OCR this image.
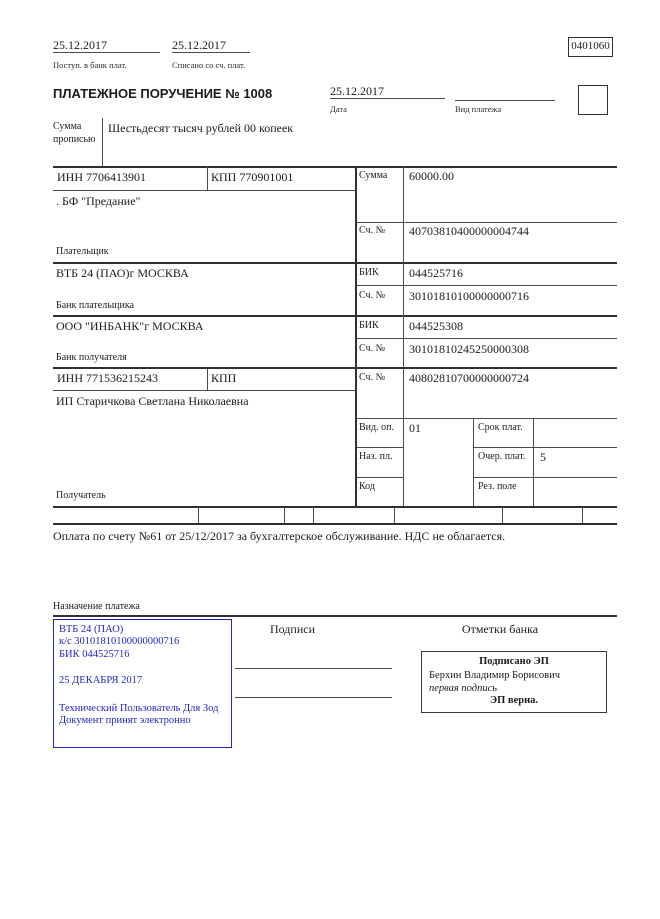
25.12.2017
Поступ. в банк плат.
25.12.2017
Списано со сч. плат.
0401060
ПЛАТЕЖНОЕ ПОРУЧЕНИЕ № 1008	25.12.2017
Дата	Вид платежа
Сумма прописью
Шестьдесят тысяч рублей 00 копеек
ИНН 7706413901	КПП 770901001	Сумма 60000.00
. БФ "Предание"
Плательщик
Сч. № 40703810400000004744
ВТБ 24 (ПАО)г МОСКВА	БИК	044525716
Сч. № 30101810100000000716
Банк плательщика
ООО "ИНБАНК"г МОСКВА	БИК	044525308
Сч. № 30101810245250000308
Банк получателя
ИНН 771536215243	КПП	Сч. № 40802810700000000724
ИП Старичкова Светлана Николаевна
Получатель
Вид. оп. 01	Срок плат.
Наз. пл.	Очер. плат. 5
Код	Рез. поле
Оплата по счету №61 от 25/12/2017 за бухгалтерское обслуживание. НДС не облагается.
Назначение платежа
ВТБ 24 (ПАО)
к/с 30101810100000000716
БИК 044525716
25 ДЕКАБРЯ 2017
Технический Пользователь Для Зод
Документ принят электронно
Подписи	Отметки банка
Подписано ЭП
Берхин Владимир Борисович
первая подпись
ЭП верна.
